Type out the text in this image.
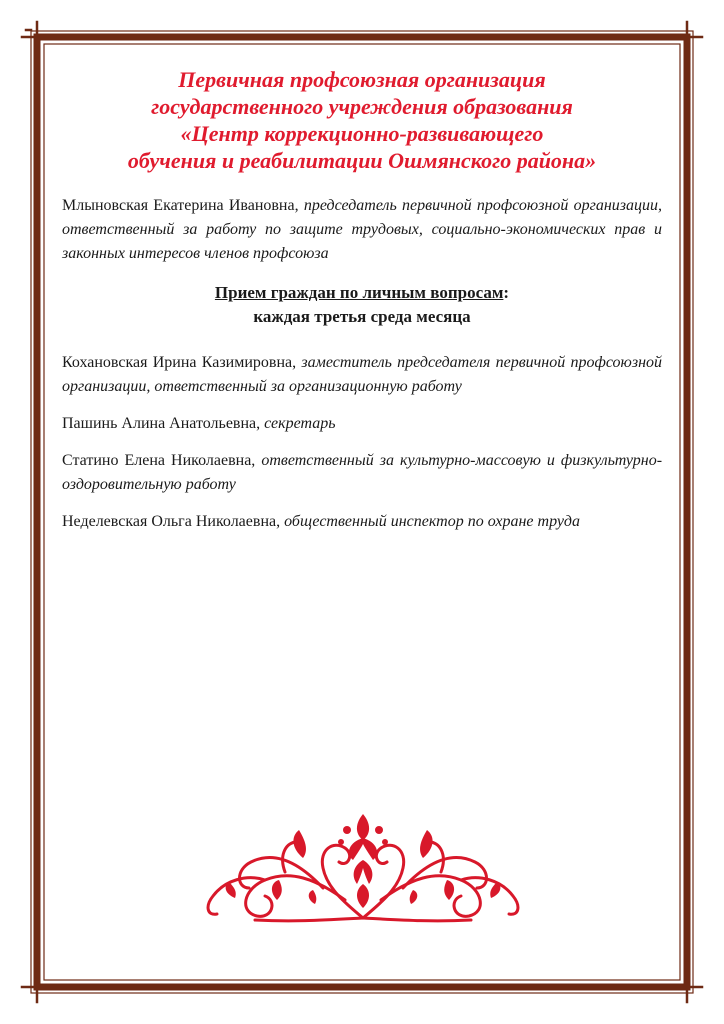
Первичная профсоюзная организация
государственного учреждения образования
«Центр коррекционно-развивающего
обучения и реабилитации Ошмянского района»

Млыновская Екатерина Ивановна, председатель первичной профсоюзной организации, ответственный за работу по защите трудовых, социально-экономических прав и законных интересов членов профсоюза

Прием граждан по личным вопросам:
каждая третья среда месяца

Кохановская Ирина Казимировна, заместитель председателя первичной профсоюзной организации, ответственный за организационную работу

Пашинь Алина Анатольевна, секретарь

Статино Елена Николаевна, ответственный за культурно-массовую и физкультурно-оздоровительную работу

Неделевская Ольга Николаевна, общественный инспектор по охране труда
